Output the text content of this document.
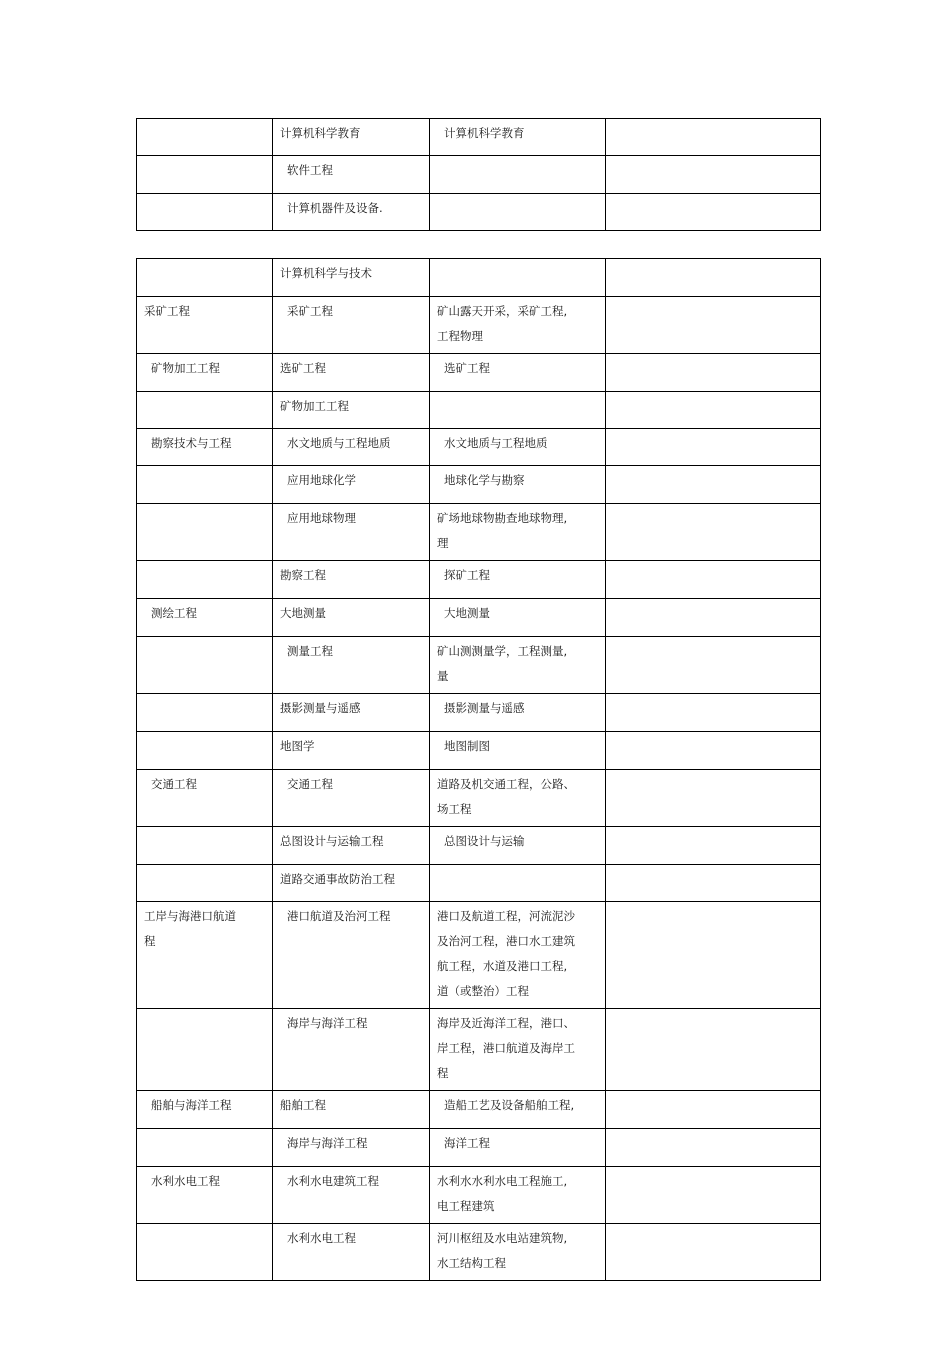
	计算机科学教育	计算机科学教育	
	软件工程		
	计算机器件及设备.		
	计算机科学与技术		
采矿工程	采矿工程	矿山露天开采，采矿工程,
工程物理	
矿物加工工程	选矿工程	选矿工程	
	矿物加工工程		
勘察技术与工程	水文地质与工程地质	水文地质与工程地质	
	应用地球化学	地球化学与勘察	
	应用地球物理	矿场地球物勘查地球物理,
理	
	勘察工程	探矿工程	
测绘工程	大地测量	大地测量	
	测量工程	矿山测测量学，工程测量,
量	
	摄影测量与遥感	摄影测量与遥感	
	地图学	地图制图	
交通工程	交通工程	道路及机交通工程，公路、
场工程	
	总图设计与运输工程	总图设计与运输	
	道路交通事故防治工程		
工岸与海港口航道
程	港口航道及治河工程	港口及航道工程，河流泥沙
及治河工程，港口水工建筑
航工程，水道及港口工程,
道（或整治）工程	
	海岸与海洋工程	海岸及近海洋工程，港口、
岸工程，港口航道及海岸工
程	
船舶与海洋工程	船舶工程	造船工艺及设备船舶工程,	
	海岸与海洋工程	海洋工程	
水利水电工程	水利水电建筑工程	水利水水利水电工程施工,
电工程建筑	
	水利水电工程	河川枢纽及水电站建筑物,
水工结构工程	
